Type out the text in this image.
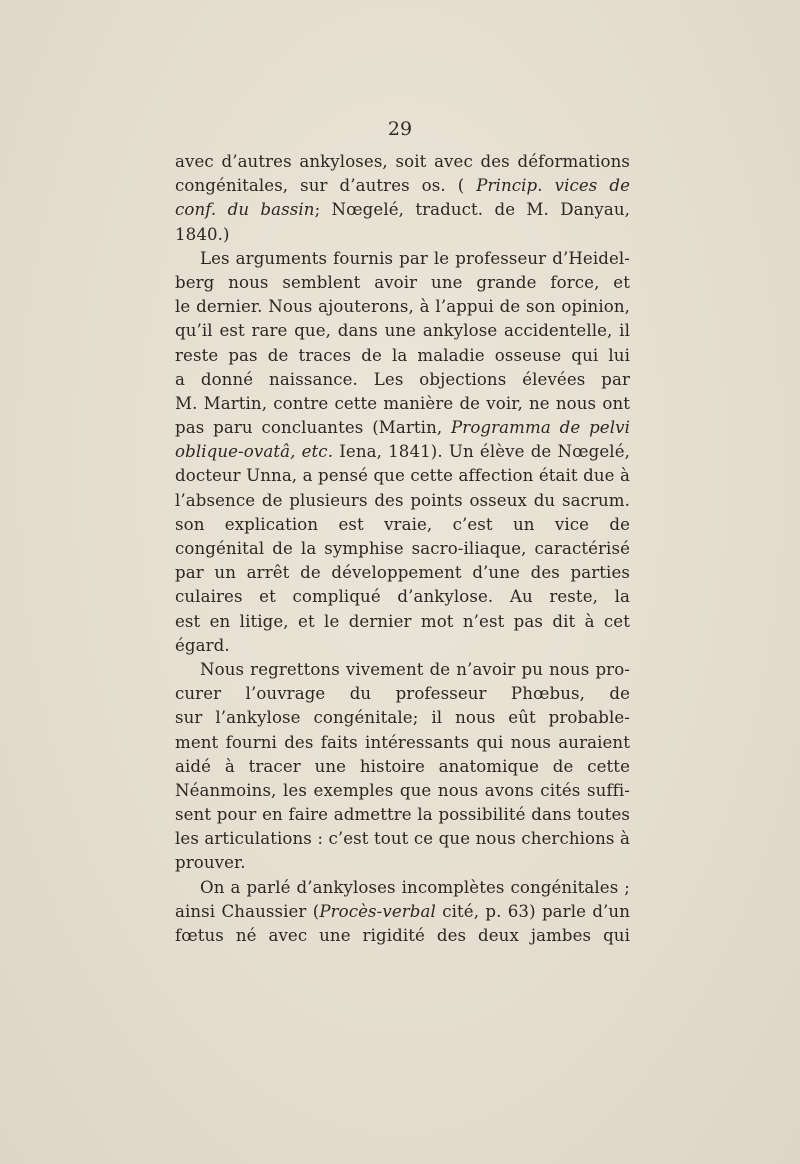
29
avec d’autres ankyloses, soit avec des déformations
congénitales, sur d’autres os. ( Princip. vices de
conf. du bassin; Nœgelé, traduct. de M. Danyau,
1840.)
Les arguments fournis par le professeur d’Heidel-
berg nous semblent avoir une grande force, et
le dernier. Nous ajouterons, à l’appui de son opinion,
qu’il est rare que, dans une ankylose accidentelle, il
reste pas de traces de la maladie osseuse qui lui
a donné naissance. Les objections élevées par
M. Martin, contre cette manière de voir, ne nous ont
pas paru concluantes (Martin, Programma de pelvi
oblique-ovatâ, etc. Iena, 1841). Un élève de Nœgelé,
docteur Unna, a pensé que cette affection était due à
l’absence de plusieurs des points osseux du sacrum.
son explication est vraie, c’est un vice de
congénital de la symphise sacro-iliaque, caractérisé
par un arrêt de développement d’une des parties
culaires et compliqué d’ankylose. Au reste, la
est en litige, et le dernier mot n’est pas dit à cet
égard.
Nous regrettons vivement de n’avoir pu nous pro-
curer l’ouvrage du professeur Phœbus, de
sur l’ankylose congénitale; il nous eût probable-
ment fourni des faits intéressants qui nous auraient
aidé à tracer une histoire anatomique de cette
Néanmoins, les exemples que nous avons cités suffi-
sent pour en faire admettre la possibilité dans toutes
les articulations : c’est tout ce que nous cherchions à
prouver.
On a parlé d’ankyloses incomplètes congénitales ;
ainsi Chaussier (Procès-verbal cité, p. 63) parle d’un
fœtus né avec une rigidité des deux jambes qui
